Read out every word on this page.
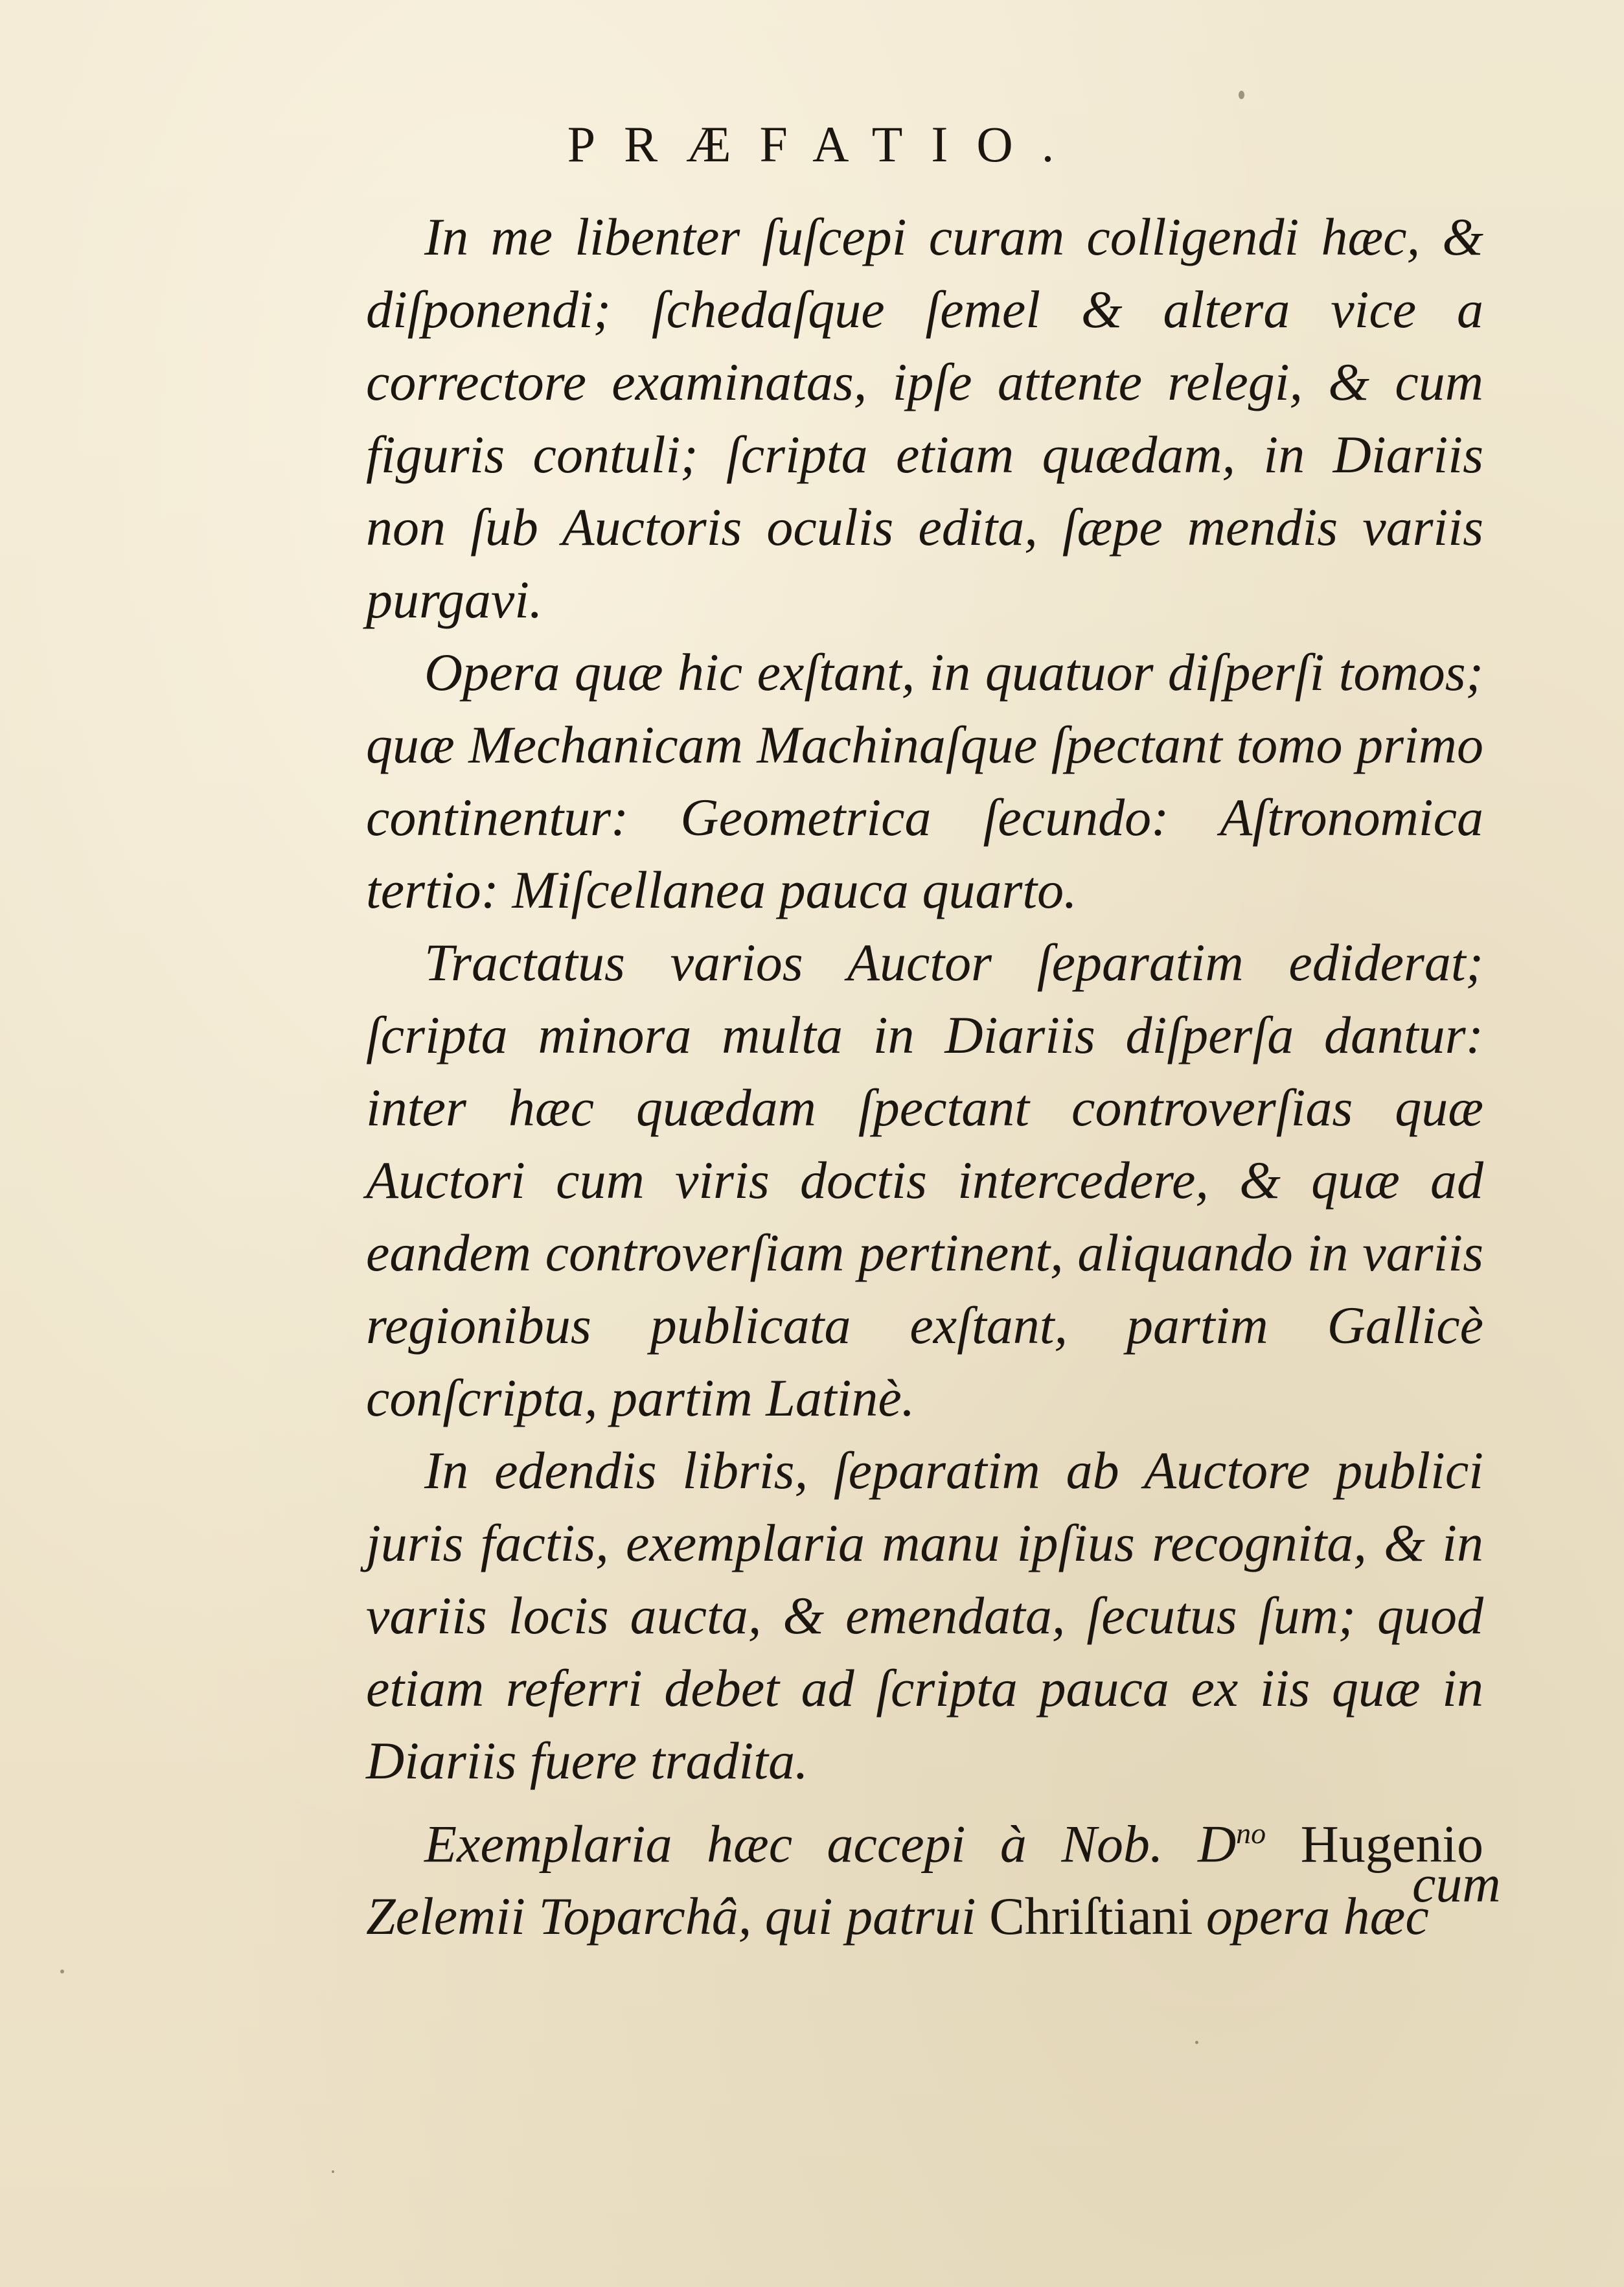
PRÆFATIO.

In me libenter ſuſcepi curam colligendi hæc, & diſponendi; ſchedaſque ſemel & altera vice a correctore examinatas, ipſe attente relegi, & cum figuris contuli; ſcripta etiam quædam, in Diariis non ſub Auctoris oculis edita, ſæpe mendis variis purgavi.

Opera quæ hic exſtant, in quatuor diſperſi tomos; quæ Mechanicam Machinaſque ſpectant tomo primo continentur: Geometrica ſecundo: Aſtronomica tertio: Miſcellanea pauca quarto.

Tractatus varios Auctor ſeparatim ediderat; ſcripta minora multa in Diariis diſperſa dantur: inter hæc quædam ſpectant controverſias quæ Auctori cum viris doctis intercedere, & quæ ad eandem controverſiam pertinent, aliquando in variis regionibus publicata exſtant, partim Gallicè conſcripta, partim Latinè.

In edendis libris, ſeparatim ab Auctore publici juris factis, exemplaria manu ipſius recognita, & in variis locis aucta, & emendata, ſecutus ſum; quod etiam referri debet ad ſcripta pauca ex iis quæ in Diariis fuere tradita.

Exemplaria hæc accepi à Nob. $D^{no}$ Hugenio Zelemii Toparchâ, qui patrui Chriſtiani opera hæc

cum
